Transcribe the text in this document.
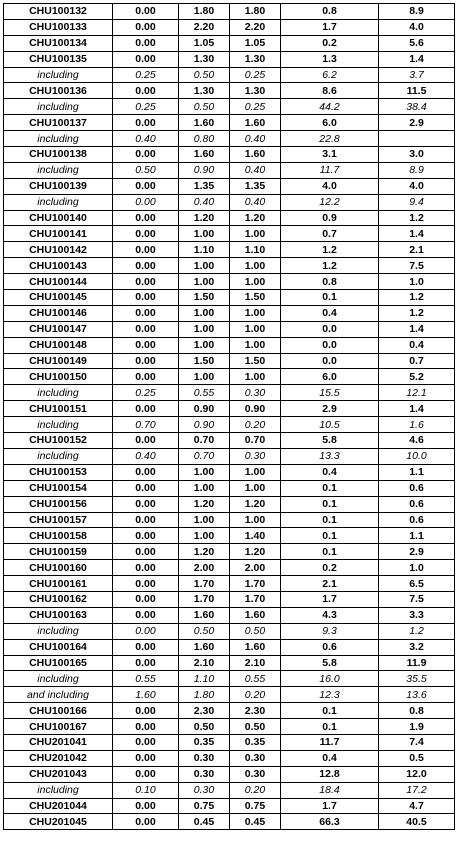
CHU100132	0.00	1.80	1.80	0.8	8.9
CHU100133	0.00	2.20	2.20	1.7	4.0
CHU100134	0.00	1.05	1.05	0.2	5.6
CHU100135	0.00	1.30	1.30	1.3	1.4
including	0.25	0.50	0.25	6.2	3.7
CHU100136	0.00	1.30	1.30	8.6	11.5
including	0.25	0.50	0.25	44.2	38.4
CHU100137	0.00	1.60	1.60	6.0	2.9
including	0.40	0.80	0.40	22.8	
CHU100138	0.00	1.60	1.60	3.1	3.0
including	0.50	0.90	0.40	11.7	8.9
CHU100139	0.00	1.35	1.35	4.0	4.0
including	0.00	0.40	0.40	12.2	9.4
CHU100140	0.00	1.20	1.20	0.9	1.2
CHU100141	0.00	1.00	1.00	0.7	1.4
CHU100142	0.00	1.10	1.10	1.2	2.1
CHU100143	0.00	1.00	1.00	1.2	7.5
CHU100144	0.00	1.00	1.00	0.8	1.0
CHU100145	0.00	1.50	1.50	0.1	1.2
CHU100146	0.00	1.00	1.00	0.4	1.2
CHU100147	0.00	1.00	1.00	0.0	1.4
CHU100148	0.00	1.00	1.00	0.0	0.4
CHU100149	0.00	1.50	1.50	0.0	0.7
CHU100150	0.00	1.00	1.00	6.0	5.2
including	0.25	0.55	0.30	15.5	12.1
CHU100151	0.00	0.90	0.90	2.9	1.4
including	0.70	0.90	0.20	10.5	1.6
CHU100152	0.00	0.70	0.70	5.8	4.6
including	0.40	0.70	0.30	13.3	10.0
CHU100153	0.00	1.00	1.00	0.4	1.1
CHU100154	0.00	1.00	1.00	0.1	0.6
CHU100156	0.00	1.20	1.20	0.1	0.6
CHU100157	0.00	1.00	1.00	0.1	0.6
CHU100158	0.00	1.00	1.40	0.1	1.1
CHU100159	0.00	1.20	1.20	0.1	2.9
CHU100160	0.00	2.00	2.00	0.2	1.0
CHU100161	0.00	1.70	1.70	2.1	6.5
CHU100162	0.00	1.70	1.70	1.7	7.5
CHU100163	0.00	1.60	1.60	4.3	3.3
including	0.00	0.50	0.50	9.3	1.2
CHU100164	0.00	1.60	1.60	0.6	3.2
CHU100165	0.00	2.10	2.10	5.8	11.9
including	0.55	1.10	0.55	16.0	35.5
and including	1.60	1.80	0.20	12.3	13.6
CHU100166	0.00	2.30	2.30	0.1	0.8
CHU100167	0.00	0.50	0.50	0.1	1.9
CHU201041	0.00	0.35	0.35	11.7	7.4
CHU201042	0.00	0.30	0.30	0.4	0.5
CHU201043	0.00	0.30	0.30	12.8	12.0
including	0.10	0.30	0.20	18.4	17.2
CHU201044	0.00	0.75	0.75	1.7	4.7
CHU201045	0.00	0.45	0.45	66.3	40.5
